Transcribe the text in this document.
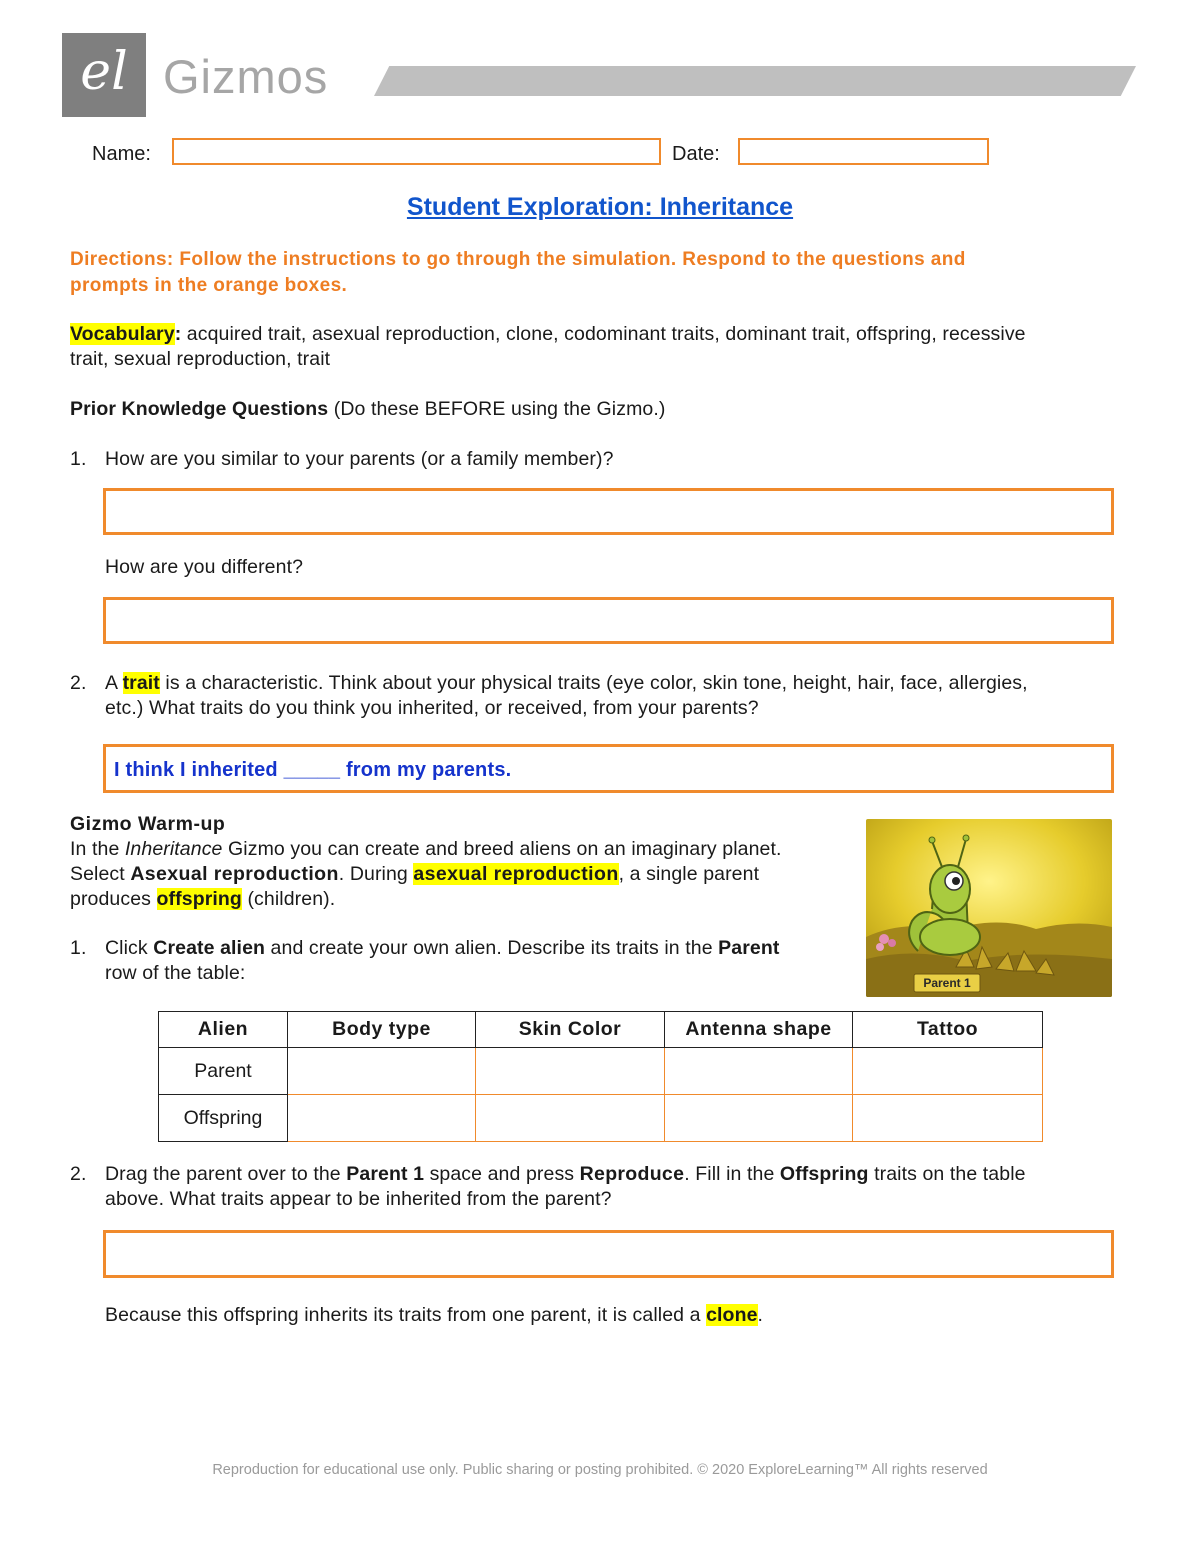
el Gizmos
Name:	Date:
Student Exploration: Inheritance
Directions: Follow the instructions to go through the simulation. Respond to the questions and
prompts in the orange boxes.
Vocabulary: acquired trait, asexual reproduction, clone, codominant traits, dominant trait, offspring, recessive
trait, sexual reproduction, trait
Prior Knowledge Questions (Do these BEFORE using the Gizmo.)
1. How are you similar to your parents (or a family member)?
How are you different?
2. A trait is a characteristic. Think about your physical traits (eye color, skin tone, height, hair, face, allergies,
etc.) What traits do you think you inherited, or received, from your parents?
I think I inherited _____ from my parents.
Gizmo Warm-up
In the Inheritance Gizmo you can create and breed aliens on an imaginary planet.
Select Asexual reproduction. During asexual reproduction, a single parent
produces offspring (children).
1. Click Create alien and create your own alien. Describe its traits in the Parent
row of the table:	Parent 1
Alien	Body type	Skin Color	Antenna shape	Tattoo
Parent				
Offspring				
2. Drag the parent over to the Parent 1 space and press Reproduce. Fill in the Offspring traits on the table
above. What traits appear to be inherited from the parent?
Because this offspring inherits its traits from one parent, it is called a clone.
Reproduction for educational use only. Public sharing or posting prohibited. © 2020 ExploreLearning™ All rights reserved
